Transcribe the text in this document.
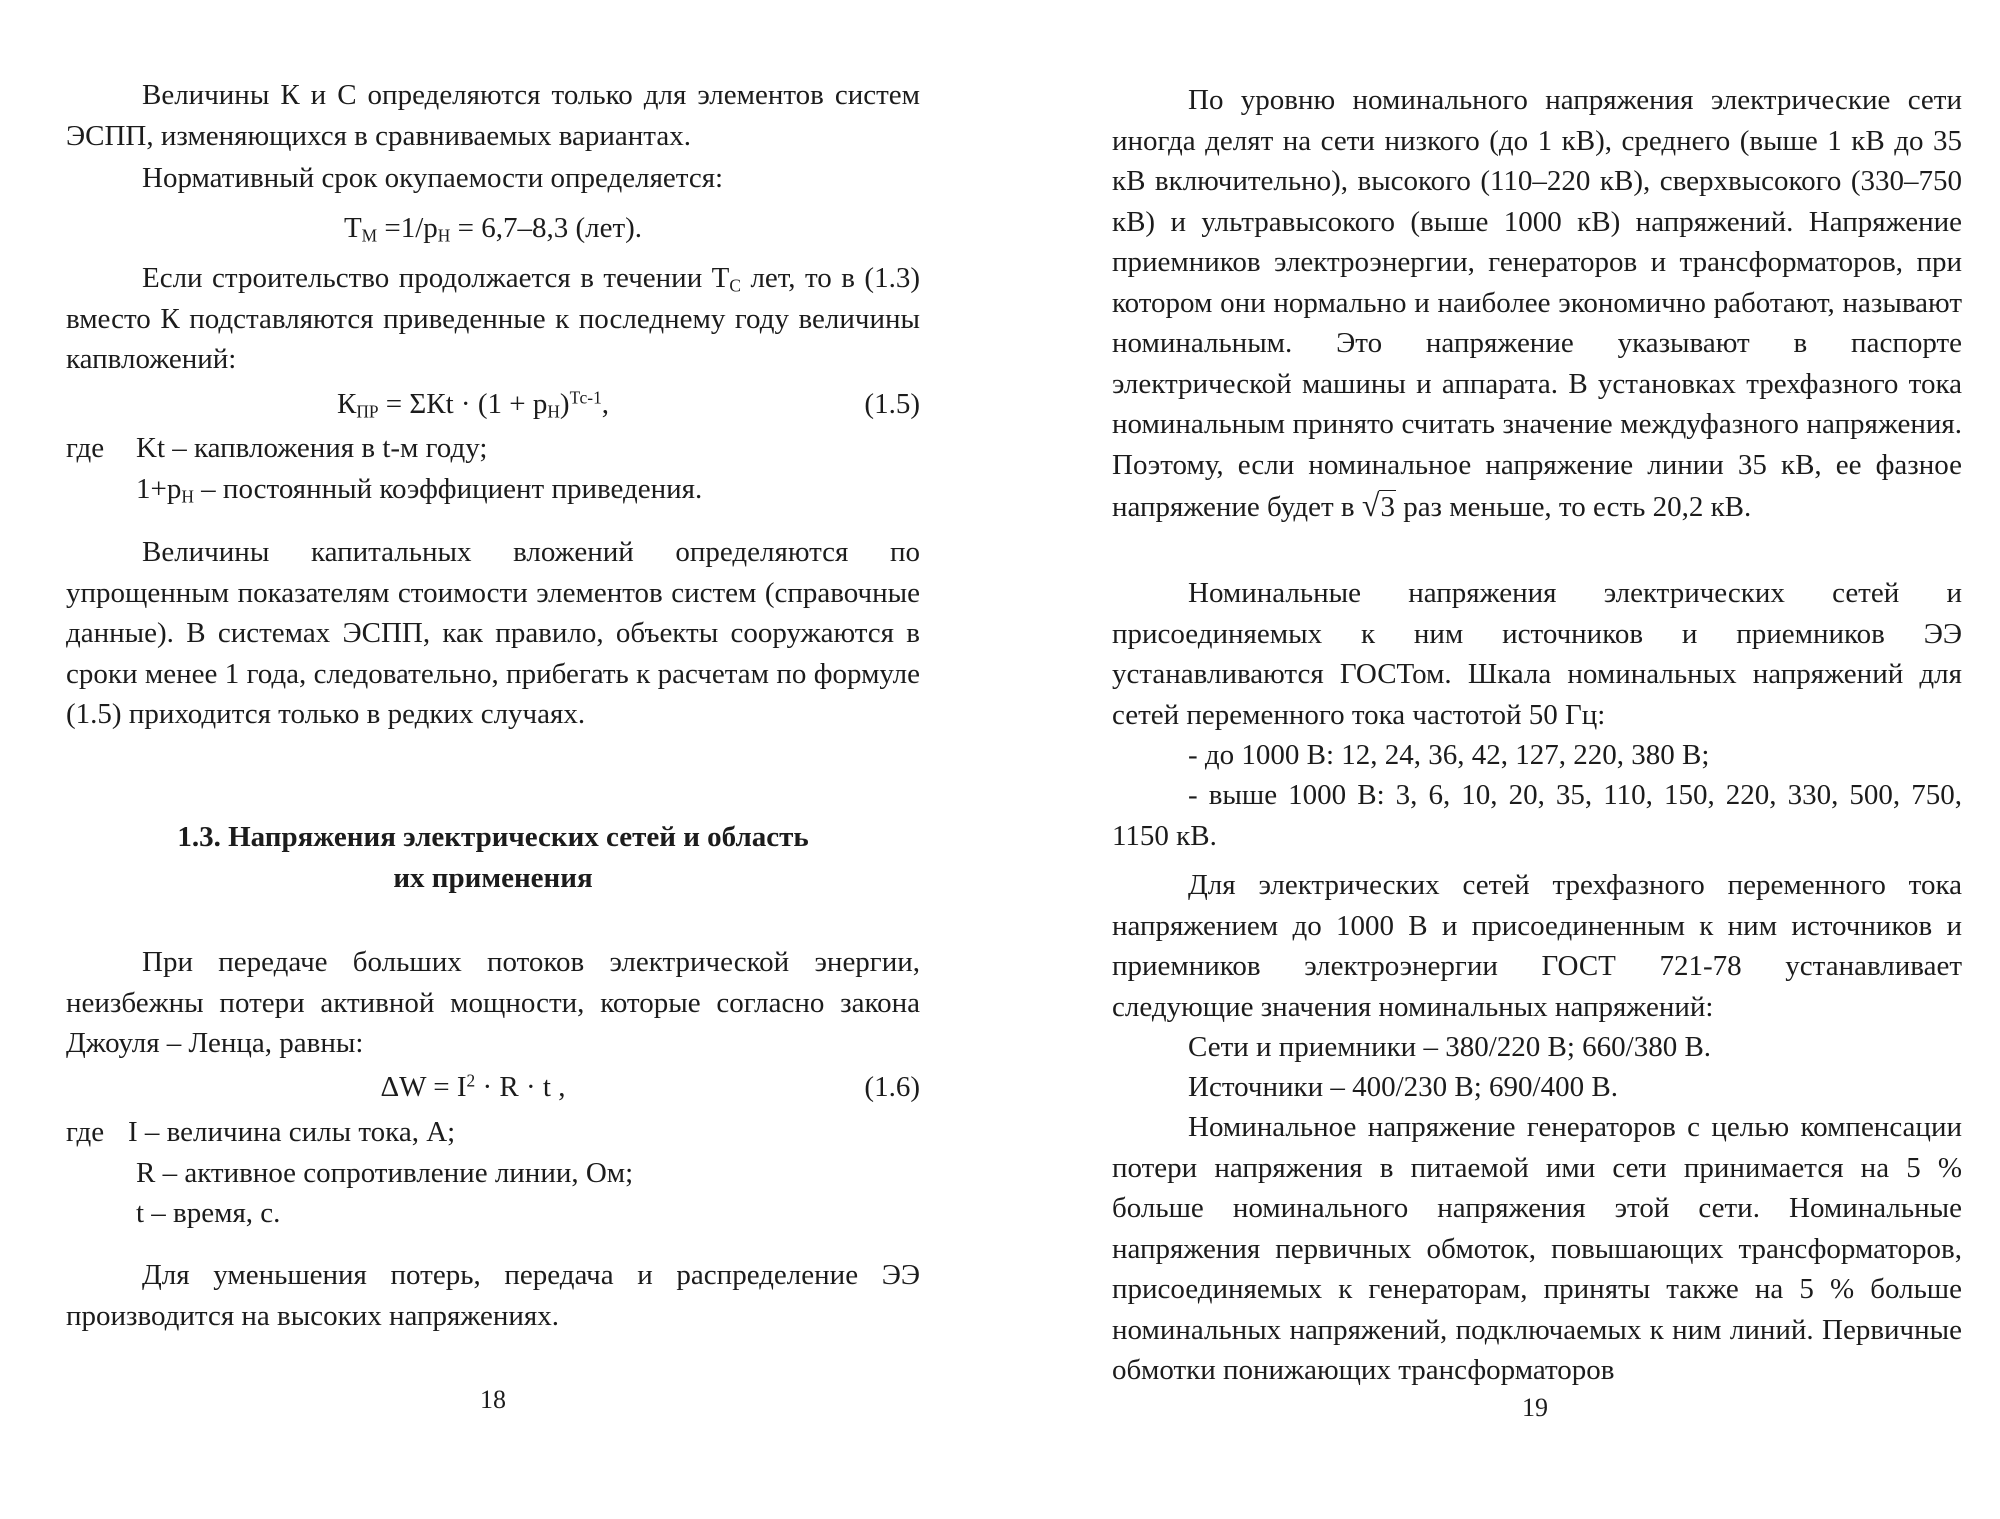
Величины К и С определяются только для элементов систем ЭСПП, изменяющихся в сравниваемых вариантах.

Нормативный срок окупаемости определяется:

$Т_М =1/р_Н = 6,7-8,3$ (лет).

Если строительство продолжается в течении $Т_С$ лет, то в (1.3) вместо К подставляются приведенные к последнему году величины капвложений:

$К_{ПР} = \Sigma Кt \cdot (1 + р_Н)^{Тс-1}$,	(1.5)
где	Kt – капвложения в t-м году;
$1+р_Н$ – постоянный коэффициент приведения.

Величины капитальных вложений определяются по упрощенным показателям стоимости элементов систем (справочные данные). В системах ЭСПП, как правило, объекты сооружаются в сроки менее 1 года, следовательно, прибегать к расчетам по формуле (1.5) приходится только в редких случаях.

1.3. Напряжения электрических сетей и область
их применения

При передаче больших потоков электрической энергии, неизбежны потери активной мощности, которые согласно закона Джоуля – Ленца, равны:

$\Delta W = I^2 \cdot R \cdot t$ ,	(1.6)
где I – величина силы тока, А;
R – активное сопротивление линии, Ом;
t – время, с.

Для уменьшения потерь, передача и распределение ЭЭ производится на высоких напряжениях.

18

По уровню номинального напряжения электрические сети иногда делят на сети низкого (до 1 кВ), среднего (выше 1 кВ до 35 кВ включительно), высокого (110–220 кВ), сверхвысокого (330–750 кВ) и ультравысокого (выше 1000 кВ) напряжений. Напряжение приемников электроэнергии, генераторов и трансформаторов, при котором они нормально и наиболее экономично работают, называют номинальным. Это напряжение указывают в паспорте электрической машины и аппарата. В установках трехфазного тока номинальным принято считать значение междуфазного напряжения. Поэтому, если номинальное напряжение линии 35 кВ, ее фазное напряжение будет в √3 раз меньше, то есть 20,2 кВ.

Номинальные напряжения электрических сетей и присоединяемых к ним источников и приемников ЭЭ устанавливаются ГОСТом. Шкала номинальных напряжений для сетей переменного тока частотой 50 Гц:

- до 1000 В: 12, 24, 36, 42, 127, 220, 380 В;

- выше 1000 В: 3, 6, 10, 20, 35, 110, 150, 220, 330, 500, 750, 1150 кВ.

Для электрических сетей трехфазного переменного тока напряжением до 1000 В и присоединенным к ним источников и приемников электроэнергии ГОСТ 721-78 устанавливает следующие значения номинальных напряжений:

Сети и приемники – 380/220 В; 660/380 В.

Источники – 400/230 В; 690/400 В.

Номинальное напряжение генераторов с целью компенсации потери напряжения в питаемой ими сети принимается на 5 % больше номинального напряжения этой сети. Номинальные напряжения первичных обмоток, повышающих трансформаторов, присоединяемых к генераторам, приняты также на 5 % больше номинальных напряжений, подключаемых к ним линий. Первичные обмотки понижающих трансформаторов

19
